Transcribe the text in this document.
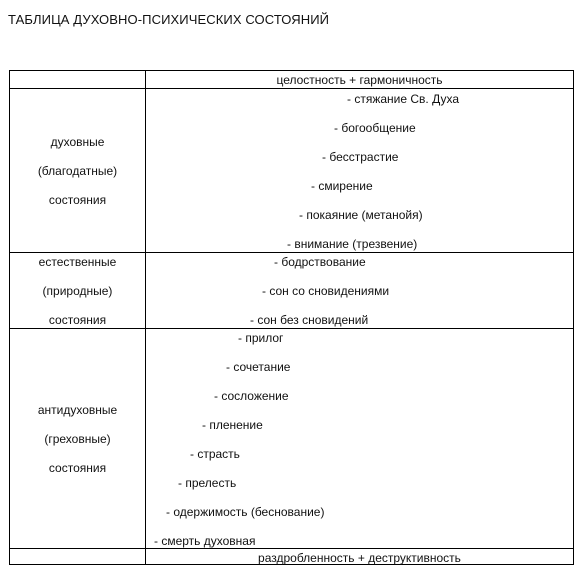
ТАБЛИЦА ДУХОВНО-ПСИХИЧЕСКИХ СОСТОЯНИЙ
целостность + гармоничность
духовные
(благодатные)
состояния
- стяжание Св. Духа
- богообщение
- бесстрастие
- смирение
- покаяние (метанойя)
- внимание (трезвение)
естественные
(природные)
состояния
- бодрствование
- сон со сновидениями
- сон без сновидений
антидуховные
(греховные)
состояния
- прилог
- сочетание
- сосложение
- пленение
- страсть
- прелесть
- одержимость (беснование)
- смерть духовная
раздробленность + деструктивность
